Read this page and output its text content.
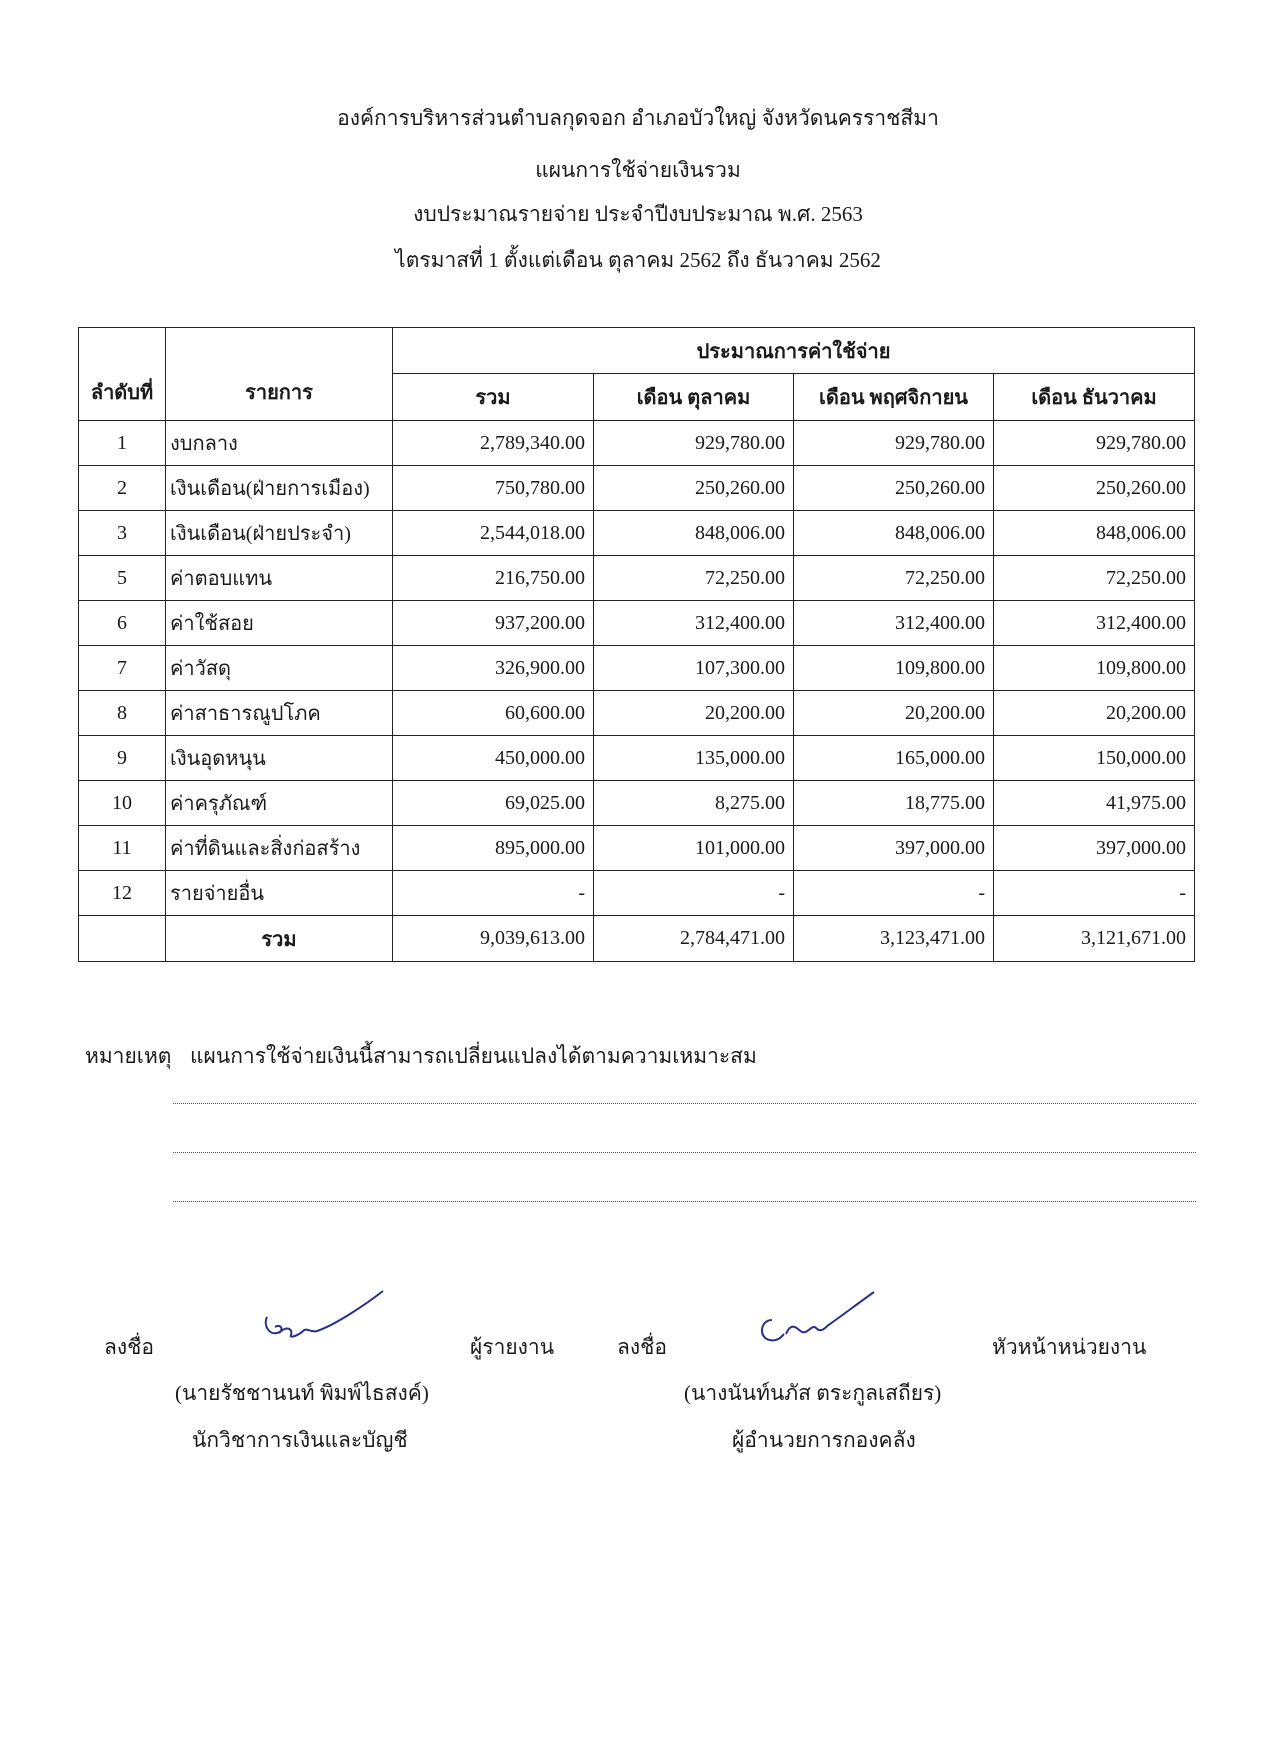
องค์การบริหารส่วนตำบลกุดจอก อำเภอบัวใหญ่ จังหวัดนครราชสีมา
แผนการใช้จ่ายเงินรวม
งบประมาณรายจ่าย ประจำปีงบประมาณ พ.ศ. 2563
ไตรมาสที่ 1 ตั้งแต่เดือน ตุลาคม 2562 ถึง ธันวาคม 2562
ลำดับที่	รายการ	ประมาณการค่าใช้จ่าย			
		รวม	เดือน ตุลาคม	เดือน พฤศจิกายน	เดือน ธันวาคม
1	งบกลาง	2,789,340.00	929,780.00	929,780.00	929,780.00
2	เงินเดือน(ฝ่ายการเมือง)	750,780.00	250,260.00	250,260.00	250,260.00
3	เงินเดือน(ฝ่ายประจำ)	2,544,018.00	848,006.00	848,006.00	848,006.00
5	ค่าตอบแทน	216,750.00	72,250.00	72,250.00	72,250.00
6	ค่าใช้สอย	937,200.00	312,400.00	312,400.00	312,400.00
7	ค่าวัสดุ	326,900.00	107,300.00	109,800.00	109,800.00
8	ค่าสาธารณูปโภค	60,600.00	20,200.00	20,200.00	20,200.00
9	เงินอุดหนุน	450,000.00	135,000.00	165,000.00	150,000.00
10	ค่าครุภัณฑ์	69,025.00	8,275.00	18,775.00	41,975.00
11	ค่าที่ดินและสิ่งก่อสร้าง	895,000.00	101,000.00	397,000.00	397,000.00
12	รายจ่ายอื่น	-	-	-	-
	รวม	9,039,613.00	2,784,471.00	3,123,471.00	3,121,671.00
หมายเหตุ แผนการใช้จ่ายเงินนี้สามารถเปลี่ยนแปลงได้ตามความเหมาะสม
ลงชื่อ	ผู้รายงาน
(นายรัชชานนท์ พิมพ์ไธสงค์)
นักวิชาการเงินและบัญชี
ลงชื่อ	หัวหน้าหน่วยงาน
(นางนันท์นภัส ตระกูลเสถียร)
ผู้อำนวยการกองคลัง
